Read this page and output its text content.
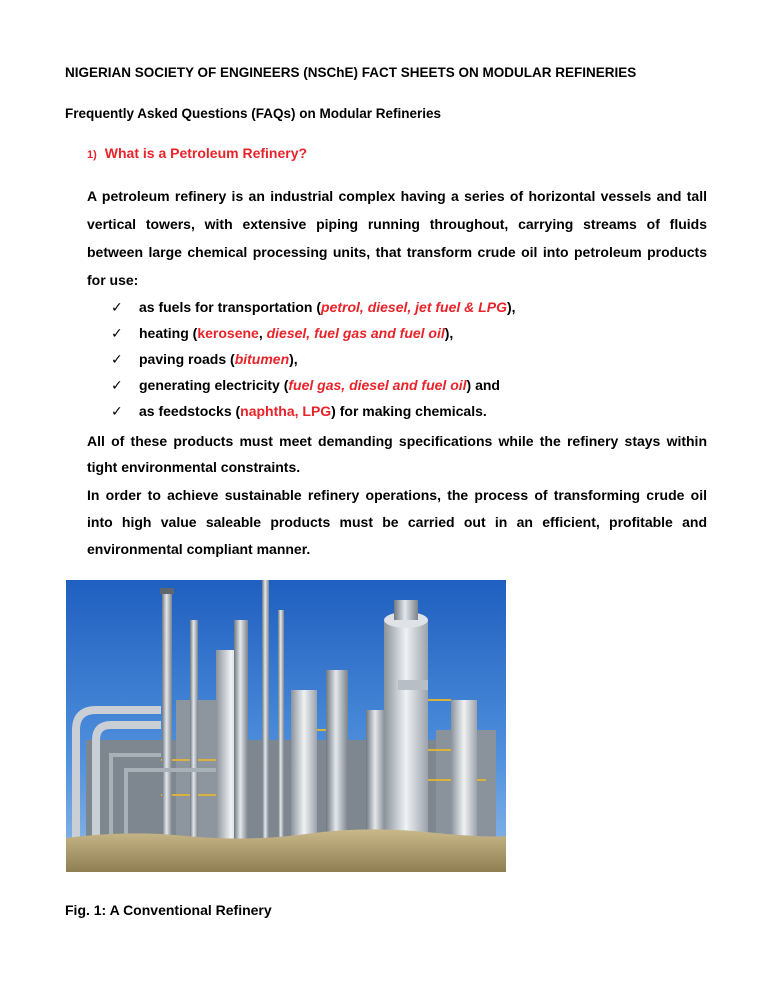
NIGERIAN SOCIETY OF ENGINEERS (NSChE) FACT SHEETS ON MODULAR REFINERIES
Frequently Asked Questions (FAQs) on Modular Refineries
1) What is a Petroleum Refinery?
A petroleum refinery is an industrial complex having a series of horizontal vessels and tall vertical towers, with extensive piping running throughout, carrying streams of fluids between large chemical processing units, that transform crude oil into petroleum products for use:
✓ as fuels for transportation (petrol, diesel, jet fuel & LPG),
✓ heating (kerosene, diesel, fuel gas and fuel oil),
✓ paving roads (bitumen),
✓ generating electricity (fuel gas, diesel and fuel oil) and
✓ as feedstocks (naphtha, LPG) for making chemicals.
All of these products must meet demanding specifications while the refinery stays within tight environmental constraints.
In order to achieve sustainable refinery operations, the process of transforming crude oil into high value saleable products must be carried out in an efficient, profitable and environmental compliant manner.
Fig. 1: A Conventional Refinery
